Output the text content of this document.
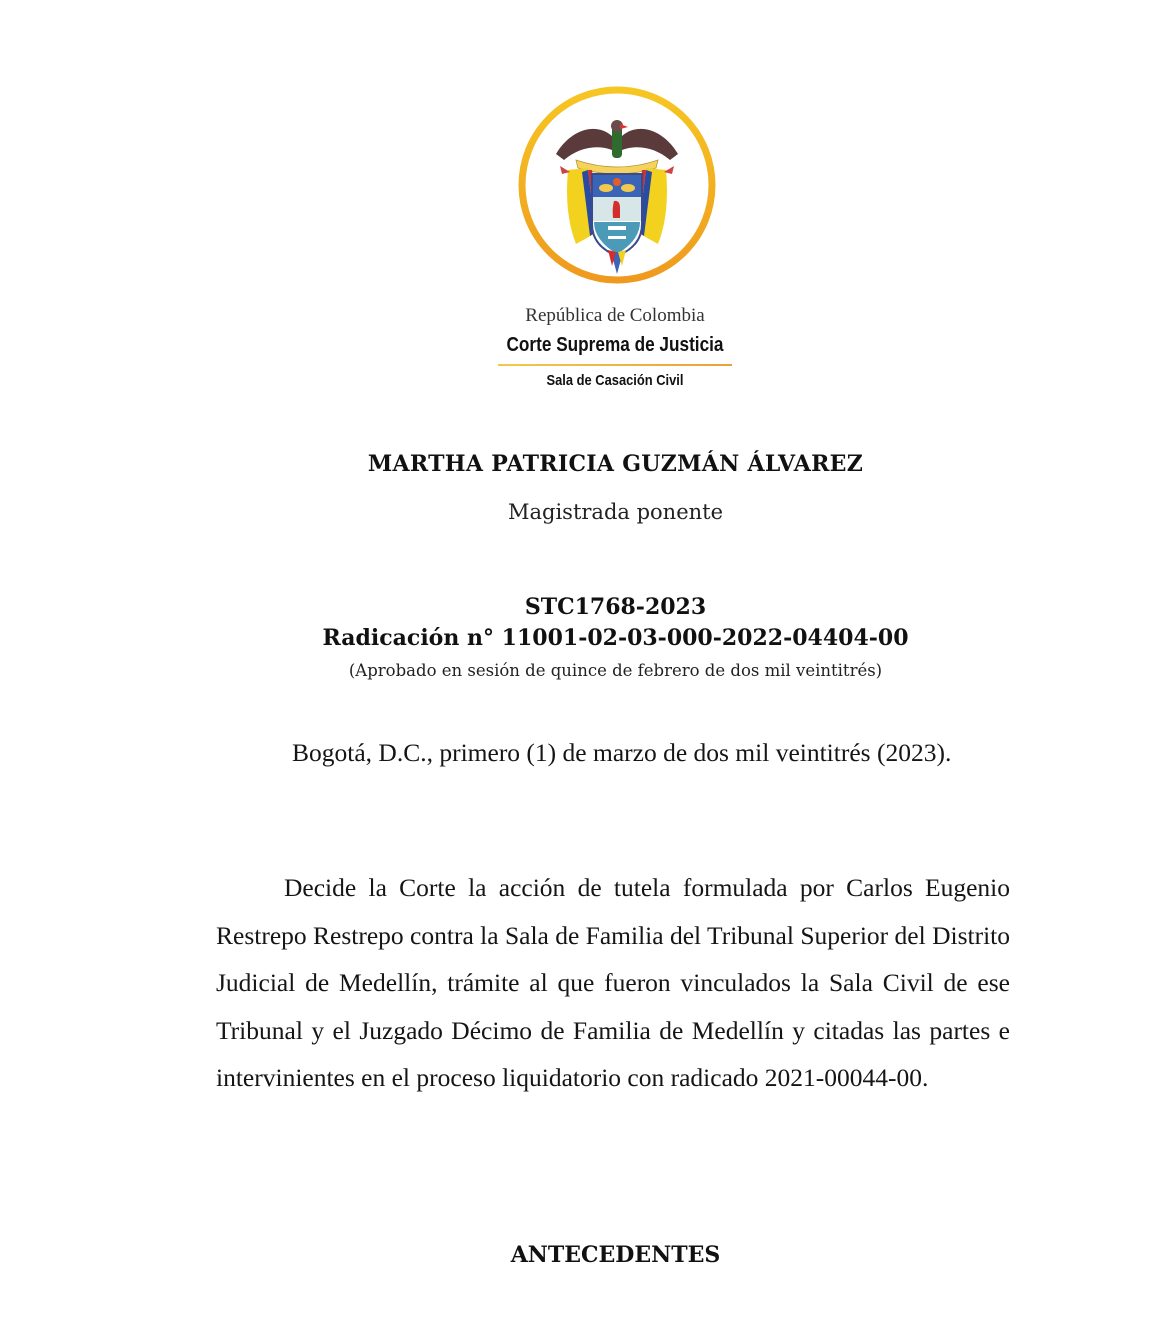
República de Colombia
Corte Suprema de Justicia
Sala de Casación Civil
MARTHA PATRICIA GUZMÁN ÁLVAREZ
Magistrada ponente
STC1768-2023
Radicación n° 11001-02-03-000-2022-04404-00
(Aprobado en sesión de quince de febrero de dos mil veintitrés)
Bogotá, D.C., primero (1) de marzo de dos mil veintitrés (2023).
Decide la Corte la acción de tutela formulada por Carlos Eugenio Restrepo Restrepo contra la Sala de Familia del Tribunal Superior del Distrito Judicial de Medellín, trámite al que fueron vinculados la Sala Civil de ese Tribunal y el Juzgado Décimo de Familia de Medellín y citadas las partes e intervinientes en el proceso liquidatorio con radicado 2021-00044-00.
ANTECEDENTES
